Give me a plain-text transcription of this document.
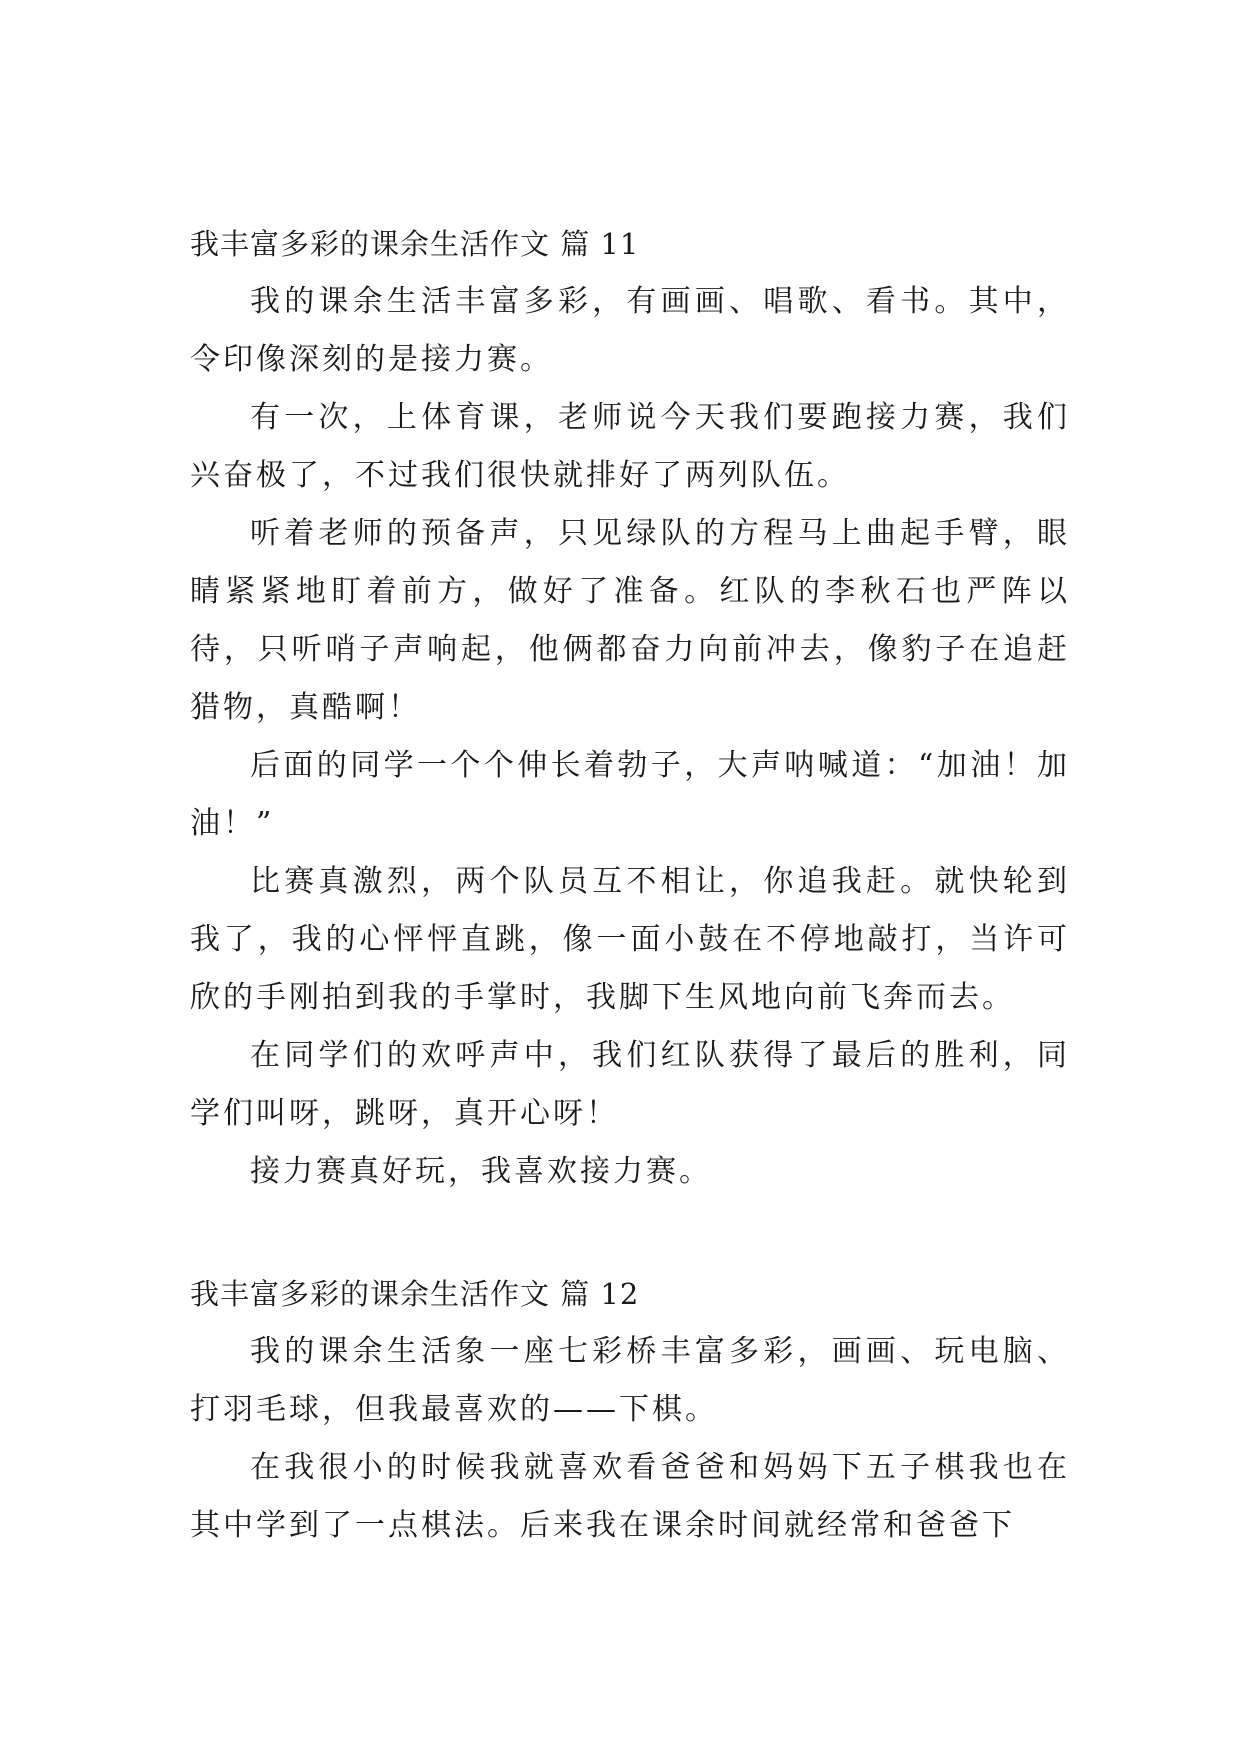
我丰富多彩的课余生活作文 篇 11

我的课余生活丰富多彩，有画画、唱歌、看书。其中，令印像深刻的是接力赛。

有一次，上体育课，老师说今天我们要跑接力赛，我们兴奋极了，不过我们很快就排好了两列队伍。

听着老师的预备声，只见绿队的方程马上曲起手臂，眼睛紧紧地盯着前方，做好了准备。红队的李秋石也严阵以待，只听哨子声响起，他俩都奋力向前冲去，像豹子在追赶猎物，真酷啊！

后面的同学一个个伸长着勃子，大声呐喊道：“加油！加油！”

比赛真激烈，两个队员互不相让，你追我赶。就快轮到我了，我的心怦怦直跳，像一面小鼓在不停地敲打，当许可欣的手刚拍到我的手掌时，我脚下生风地向前飞奔而去。

在同学们的欢呼声中，我们红队获得了最后的胜利，同学们叫呀，跳呀，真开心呀！

接力赛真好玩，我喜欢接力赛。

我丰富多彩的课余生活作文 篇 12

我的课余生活象一座七彩桥丰富多彩，画画、玩电脑、打羽毛球，但我最喜欢的——下棋。

在我很小的时候我就喜欢看爸爸和妈妈下五子棋我也在其中学到了一点棋法。后来我在课余时间就经常和爸爸下
